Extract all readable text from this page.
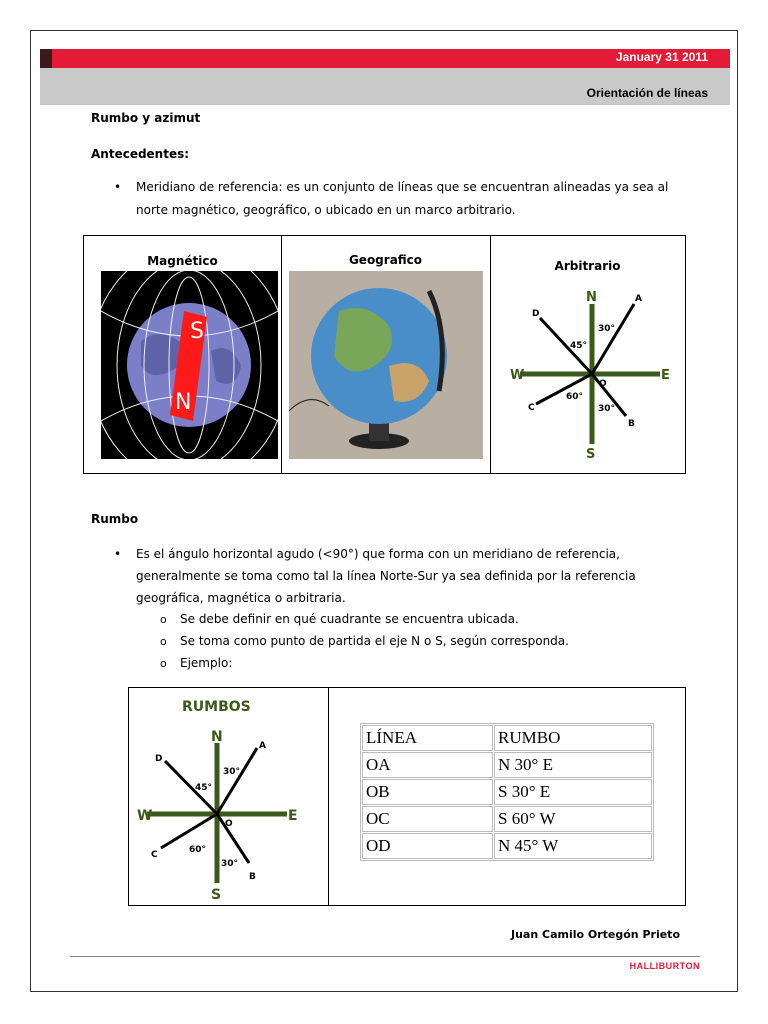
January 31 2011
Orientación de líneas
Rumbo y azimut
Antecedentes:
• Meridiano de referencia: es un conjunto de líneas que se encuentran alineadas ya sea al
norte magnético, geográfico, o ubicado en un marco arbitrario.
Magnético
S
N
Geografico	Arbitrario
N
S
E
W
A
B
C
D
O
30°
45°
60°
30°
Rumbo
• Es el ángulo horizontal agudo (<90°) que forma con un meridiano de referencia,
generalmente se toma como tal la línea Norte-Sur ya sea definida por la referencia
geográfica, magnética o arbitraria.
o Se debe definir en qué cuadrante se encuentra ubicada.
o Se toma como punto de partida el eje N o S, según corresponda.
o Ejemplo:
RUMBOS
N
S
E
W
A
B
C
D
O
30°
45°
60°
30°
LÍNEA	RUMBO
OA	N 30° E
OB	S 30° E
OC	S 60° W
OD	N 45° W
Juan Camilo Ortegón Prieto
HALLIBURTON
